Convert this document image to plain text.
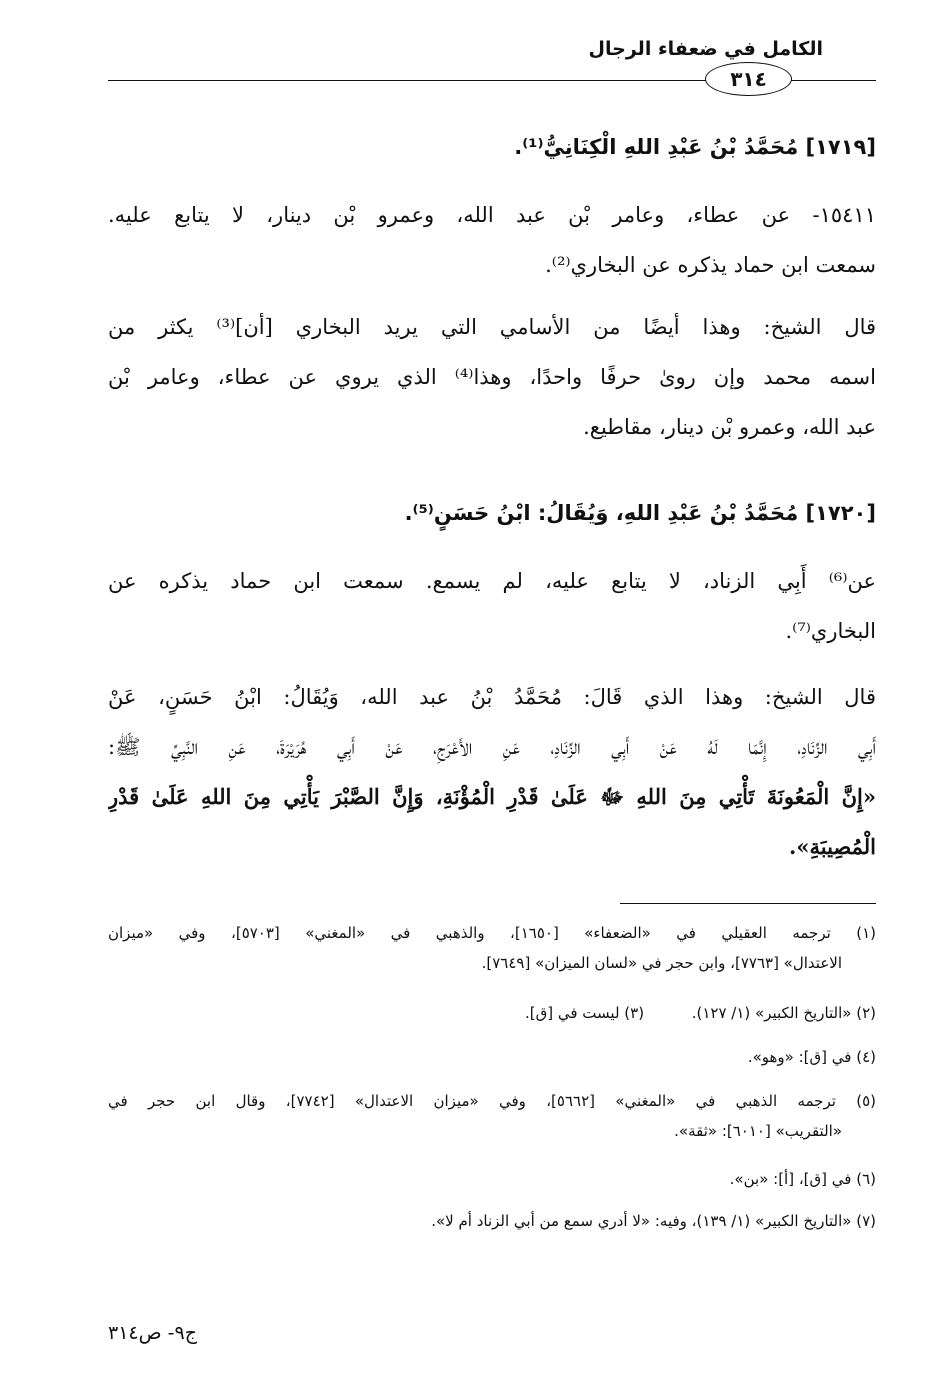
الكامل في ضعفاء الرجال
٣١٤
[١٧١٩] مُحَمَّدُ بْنُ عَبْدِ اللهِ الْكِنَانِيُّ⁽¹⁾.
١٥٤١١- عن عطاء، وعامر بْن عبد الله، وعمرو بْن دينار، لا يتابع عليه.
سمعت ابن حماد يذكره عن البخاري⁽²⁾.
قال الشيخ: وهذا أيضًا من الأسامي التي يريد البخاري [أن]⁽³⁾ يكثر من
اسمه محمد وإن روىٰ حرفًا واحدًا، وهذا⁽⁴⁾ الذي يروي عن عطاء، وعامر بْن
عبد الله، وعمرو بْن دينار، مقاطيع.
[١٧٢٠] مُحَمَّدُ بْنُ عَبْدِ اللهِ، وَيُقَالُ: ابْنُ حَسَنٍ⁽⁵⁾.
عن⁽⁶⁾ أَبِي الزناد، لا يتابع عليه، لم يسمع. سمعت ابن حماد يذكره عن
البخاري⁽⁷⁾.
قال الشيخ: وهذا الذي قَالَ: مُحَمَّدُ بْنُ عبد الله، وَيُقَالُ: ابْنُ حَسَنٍ، عَنْ
أَبِي الزِّنَادِ، إِنَّمَا لَهُ عَنْ أَبِي الزِّنَادِ، عَنِ الأَعْرَجِ، عَنْ أَبِي هُرَيْرَةَ، عَنِ النَّبِيِّ ﷺ:
«إِنَّ الْمَعُونَةَ تَأْتِي مِنَ اللهِ ﷻ عَلَىٰ قَدْرِ الْمُؤْنَةِ، وَإِنَّ الصَّبْرَ يَأْتِي مِنَ اللهِ عَلَىٰ قَدْرِ
الْمُصِيبَةِ».
(١) ترجمه العقيلي في «الضعفاء» [١٦٥٠]، والذهبي في «المغني» [٥٧٠٣]، وفي «ميزان
الاعتدال» [٧٧٦٣]، وابن حجر في «لسان الميزان» [٧٦٤٩].
(٢) «التاريخ الكبير» (١/ ١٢٧).          (٣) ليست في [ق].
(٤) في [ق]: «وهو».
(٥) ترجمه الذهبي في «المغني» [٥٦٦٢]، وفي «ميزان الاعتدال» [٧٧٤٢]، وقال ابن حجر في
«التقريب» [٦٠١٠]: «ثقة».
(٦) في [ق]، [أ]: «بن».
(٧) «التاريخ الكبير» (١/ ١٣٩)، وفيه: «لا أدري سمع من أبي الزناد أم لا».
ج٩- ص٣١٤
